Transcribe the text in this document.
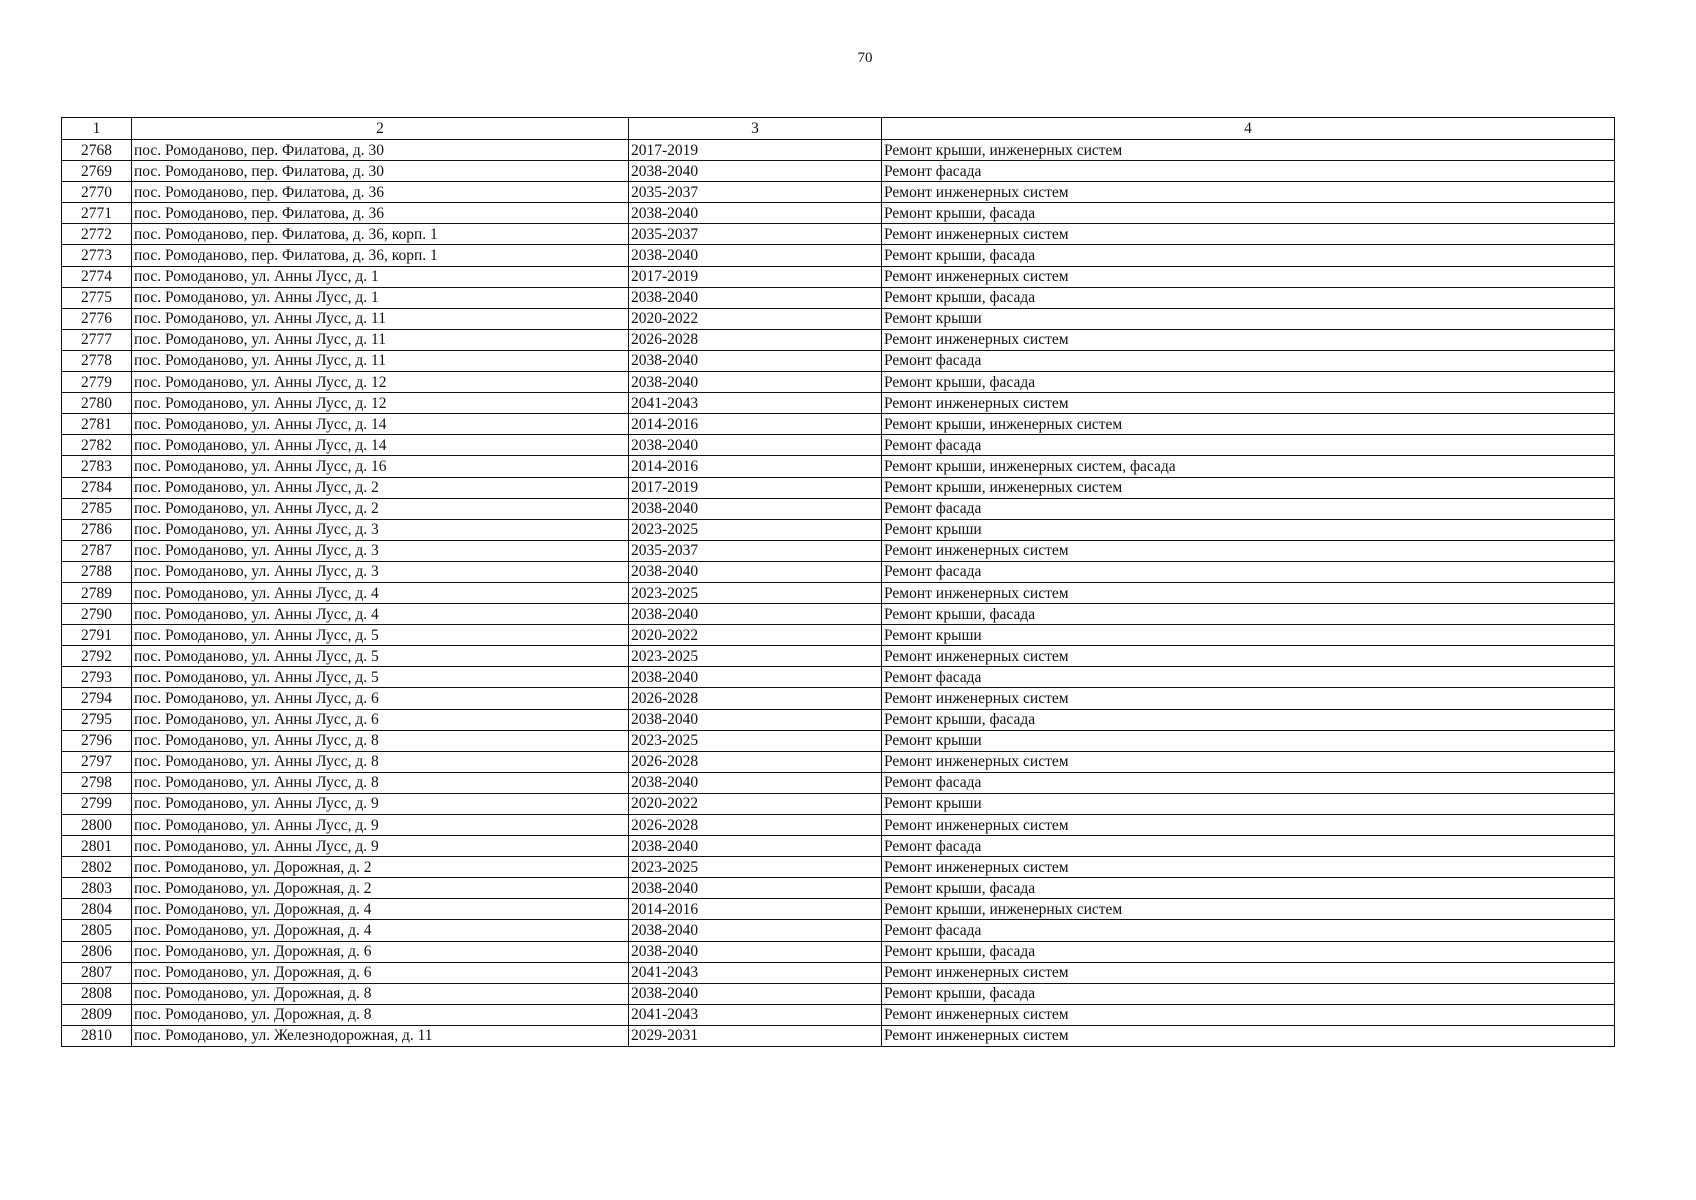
70
1	2	3	4
2768	пос. Ромоданово, пер. Филатова, д. 30	2017-2019	Ремонт крыши, инженерных систем
2769	пос. Ромоданово, пер. Филатова, д. 30	2038-2040	Ремонт фасада
2770	пос. Ромоданово, пер. Филатова, д. 36	2035-2037	Ремонт инженерных систем
2771	пос. Ромоданово, пер. Филатова, д. 36	2038-2040	Ремонт крыши, фасада
2772	пос. Ромоданово, пер. Филатова, д. 36, корп. 1	2035-2037	Ремонт инженерных систем
2773	пос. Ромоданово, пер. Филатова, д. 36, корп. 1	2038-2040	Ремонт крыши, фасада
2774	пос. Ромоданово, ул. Анны Лусс, д. 1	2017-2019	Ремонт инженерных систем
2775	пос. Ромоданово, ул. Анны Лусс, д. 1	2038-2040	Ремонт крыши, фасада
2776	пос. Ромоданово, ул. Анны Лусс, д. 11	2020-2022	Ремонт крыши
2777	пос. Ромоданово, ул. Анны Лусс, д. 11	2026-2028	Ремонт инженерных систем
2778	пос. Ромоданово, ул. Анны Лусс, д. 11	2038-2040	Ремонт фасада
2779	пос. Ромоданово, ул. Анны Лусс, д. 12	2038-2040	Ремонт крыши, фасада
2780	пос. Ромоданово, ул. Анны Лусс, д. 12	2041-2043	Ремонт инженерных систем
2781	пос. Ромоданово, ул. Анны Лусс, д. 14	2014-2016	Ремонт крыши, инженерных систем
2782	пос. Ромоданово, ул. Анны Лусс, д. 14	2038-2040	Ремонт фасада
2783	пос. Ромоданово, ул. Анны Лусс, д. 16	2014-2016	Ремонт крыши, инженерных систем, фасада
2784	пос. Ромоданово, ул. Анны Лусс, д. 2	2017-2019	Ремонт крыши, инженерных систем
2785	пос. Ромоданово, ул. Анны Лусс, д. 2	2038-2040	Ремонт фасада
2786	пос. Ромоданово, ул. Анны Лусс, д. 3	2023-2025	Ремонт крыши
2787	пос. Ромоданово, ул. Анны Лусс, д. 3	2035-2037	Ремонт инженерных систем
2788	пос. Ромоданово, ул. Анны Лусс, д. 3	2038-2040	Ремонт фасада
2789	пос. Ромоданово, ул. Анны Лусс, д. 4	2023-2025	Ремонт инженерных систем
2790	пос. Ромоданово, ул. Анны Лусс, д. 4	2038-2040	Ремонт крыши, фасада
2791	пос. Ромоданово, ул. Анны Лусс, д. 5	2020-2022	Ремонт крыши
2792	пос. Ромоданово, ул. Анны Лусс, д. 5	2023-2025	Ремонт инженерных систем
2793	пос. Ромоданово, ул. Анны Лусс, д. 5	2038-2040	Ремонт фасада
2794	пос. Ромоданово, ул. Анны Лусс, д. 6	2026-2028	Ремонт инженерных систем
2795	пос. Ромоданово, ул. Анны Лусс, д. 6	2038-2040	Ремонт крыши, фасада
2796	пос. Ромоданово, ул. Анны Лусс, д. 8	2023-2025	Ремонт крыши
2797	пос. Ромоданово, ул. Анны Лусс, д. 8	2026-2028	Ремонт инженерных систем
2798	пос. Ромоданово, ул. Анны Лусс, д. 8	2038-2040	Ремонт фасада
2799	пос. Ромоданово, ул. Анны Лусс, д. 9	2020-2022	Ремонт крыши
2800	пос. Ромоданово, ул. Анны Лусс, д. 9	2026-2028	Ремонт инженерных систем
2801	пос. Ромоданово, ул. Анны Лусс, д. 9	2038-2040	Ремонт фасада
2802	пос. Ромоданово, ул. Дорожная, д. 2	2023-2025	Ремонт инженерных систем
2803	пос. Ромоданово, ул. Дорожная, д. 2	2038-2040	Ремонт крыши, фасада
2804	пос. Ромоданово, ул. Дорожная, д. 4	2014-2016	Ремонт крыши, инженерных систем
2805	пос. Ромоданово, ул. Дорожная, д. 4	2038-2040	Ремонт фасада
2806	пос. Ромоданово, ул. Дорожная, д. 6	2038-2040	Ремонт крыши, фасада
2807	пос. Ромоданово, ул. Дорожная, д. 6	2041-2043	Ремонт инженерных систем
2808	пос. Ромоданово, ул. Дорожная, д. 8	2038-2040	Ремонт крыши, фасада
2809	пос. Ромоданово, ул. Дорожная, д. 8	2041-2043	Ремонт инженерных систем
2810	пос. Ромоданово, ул. Железнодорожная, д. 11	2029-2031	Ремонт инженерных систем
